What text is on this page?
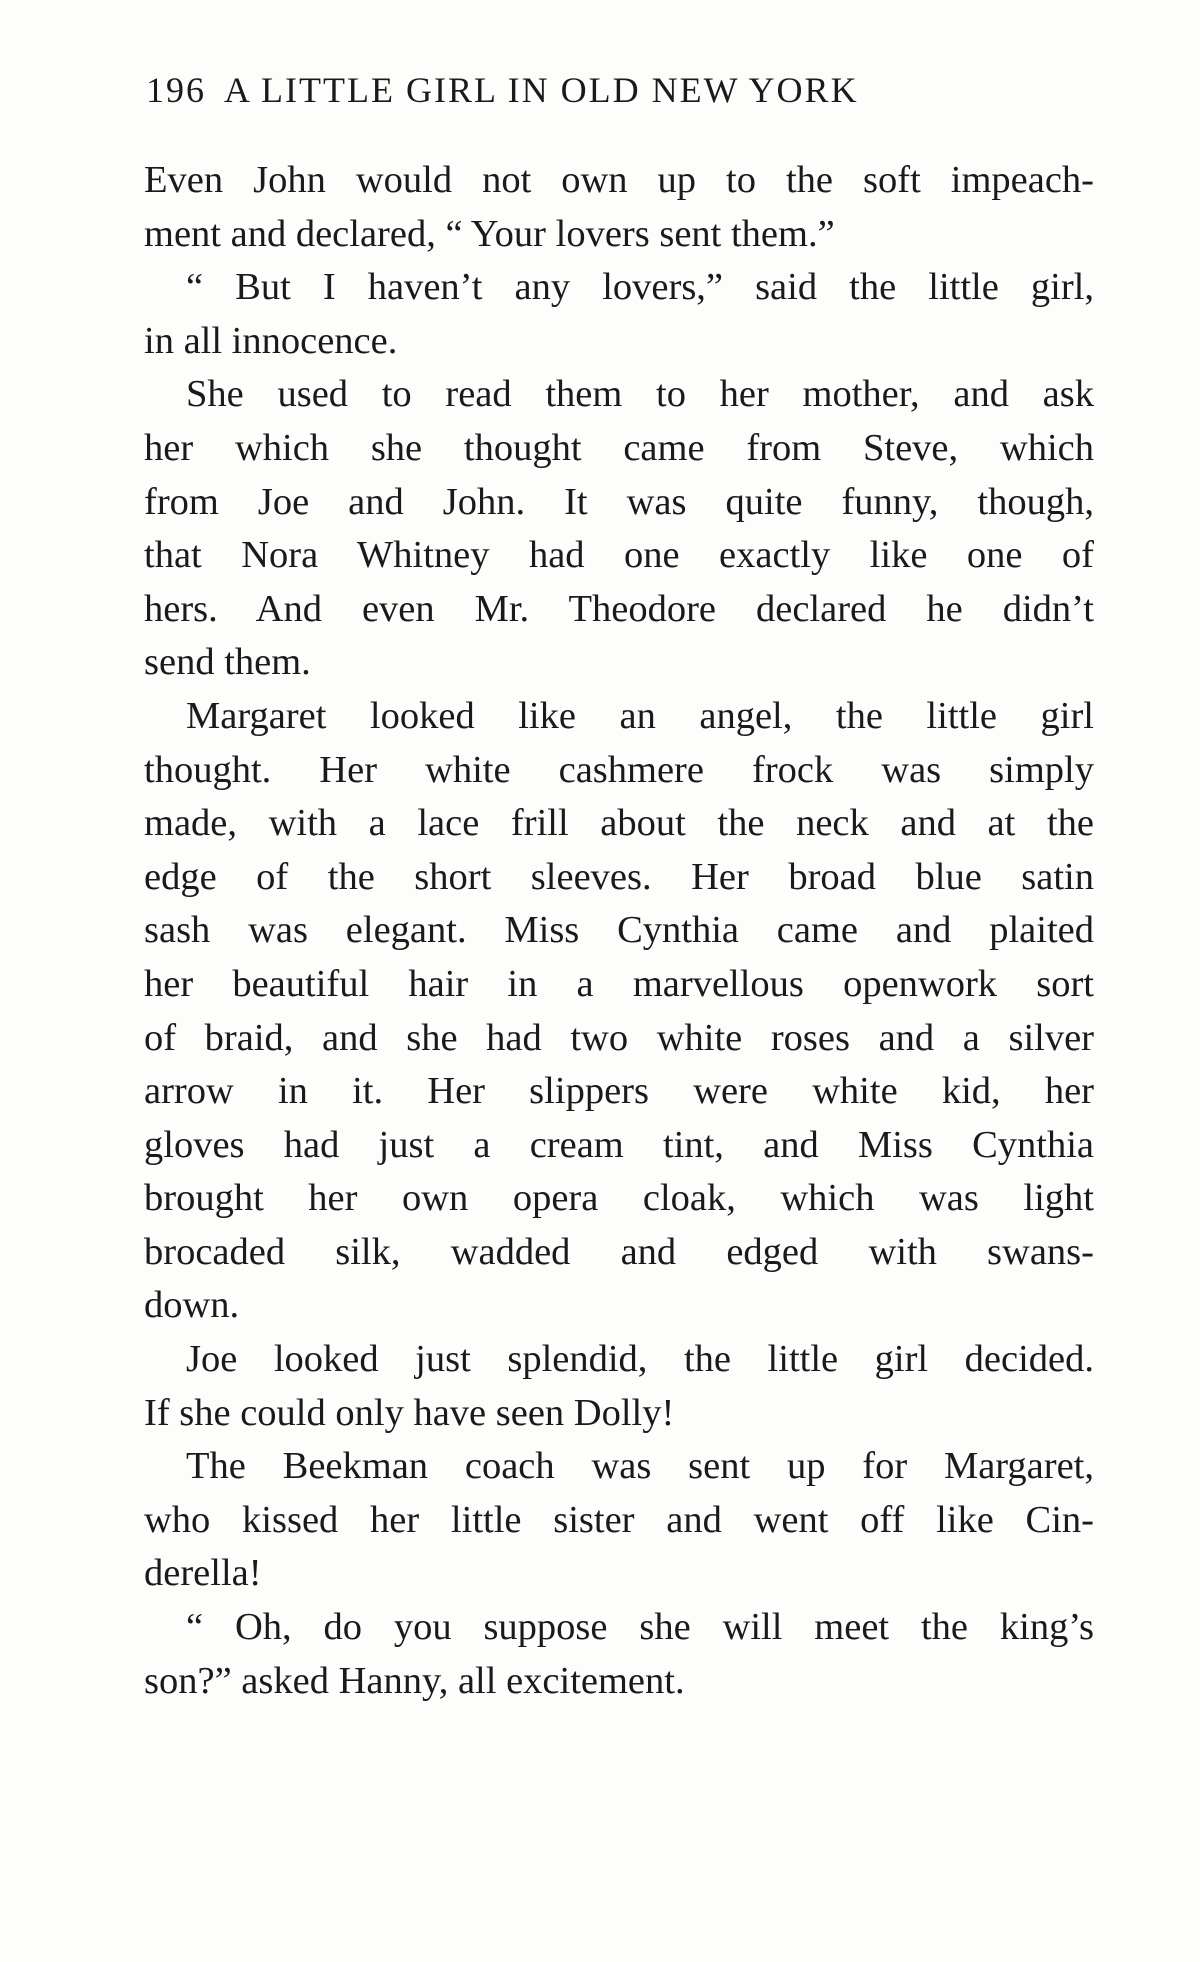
196 A LITTLE GIRL IN OLD NEW YORK
Even John would not own up to the soft impeach-
ment and declared, “ Your lovers sent them.”
“ But I haven’t any lovers,” said the little girl,
in all innocence.
She used to read them to her mother, and ask
her which she thought came from Steve, which
from Joe and John. It was quite funny, though,
that Nora Whitney had one exactly like one of
hers. And even Mr. Theodore declared he didn’t
send them.
Margaret looked like an angel, the little girl
thought. Her white cashmere frock was simply
made, with a lace frill about the neck and at the
edge of the short sleeves. Her broad blue satin
sash was elegant. Miss Cynthia came and plaited
her beautiful hair in a marvellous openwork sort
of braid, and she had two white roses and a silver
arrow in it. Her slippers were white kid, her
gloves had just a cream tint, and Miss Cynthia
brought her own opera cloak, which was light
brocaded silk, wadded and edged with swans-
down.
Joe looked just splendid, the little girl decided.
If she could only have seen Dolly!
The Beekman coach was sent up for Margaret,
who kissed her little sister and went off like Cin-
derella!
“ Oh, do you suppose she will meet the king’s
son?” asked Hanny, all excitement.
